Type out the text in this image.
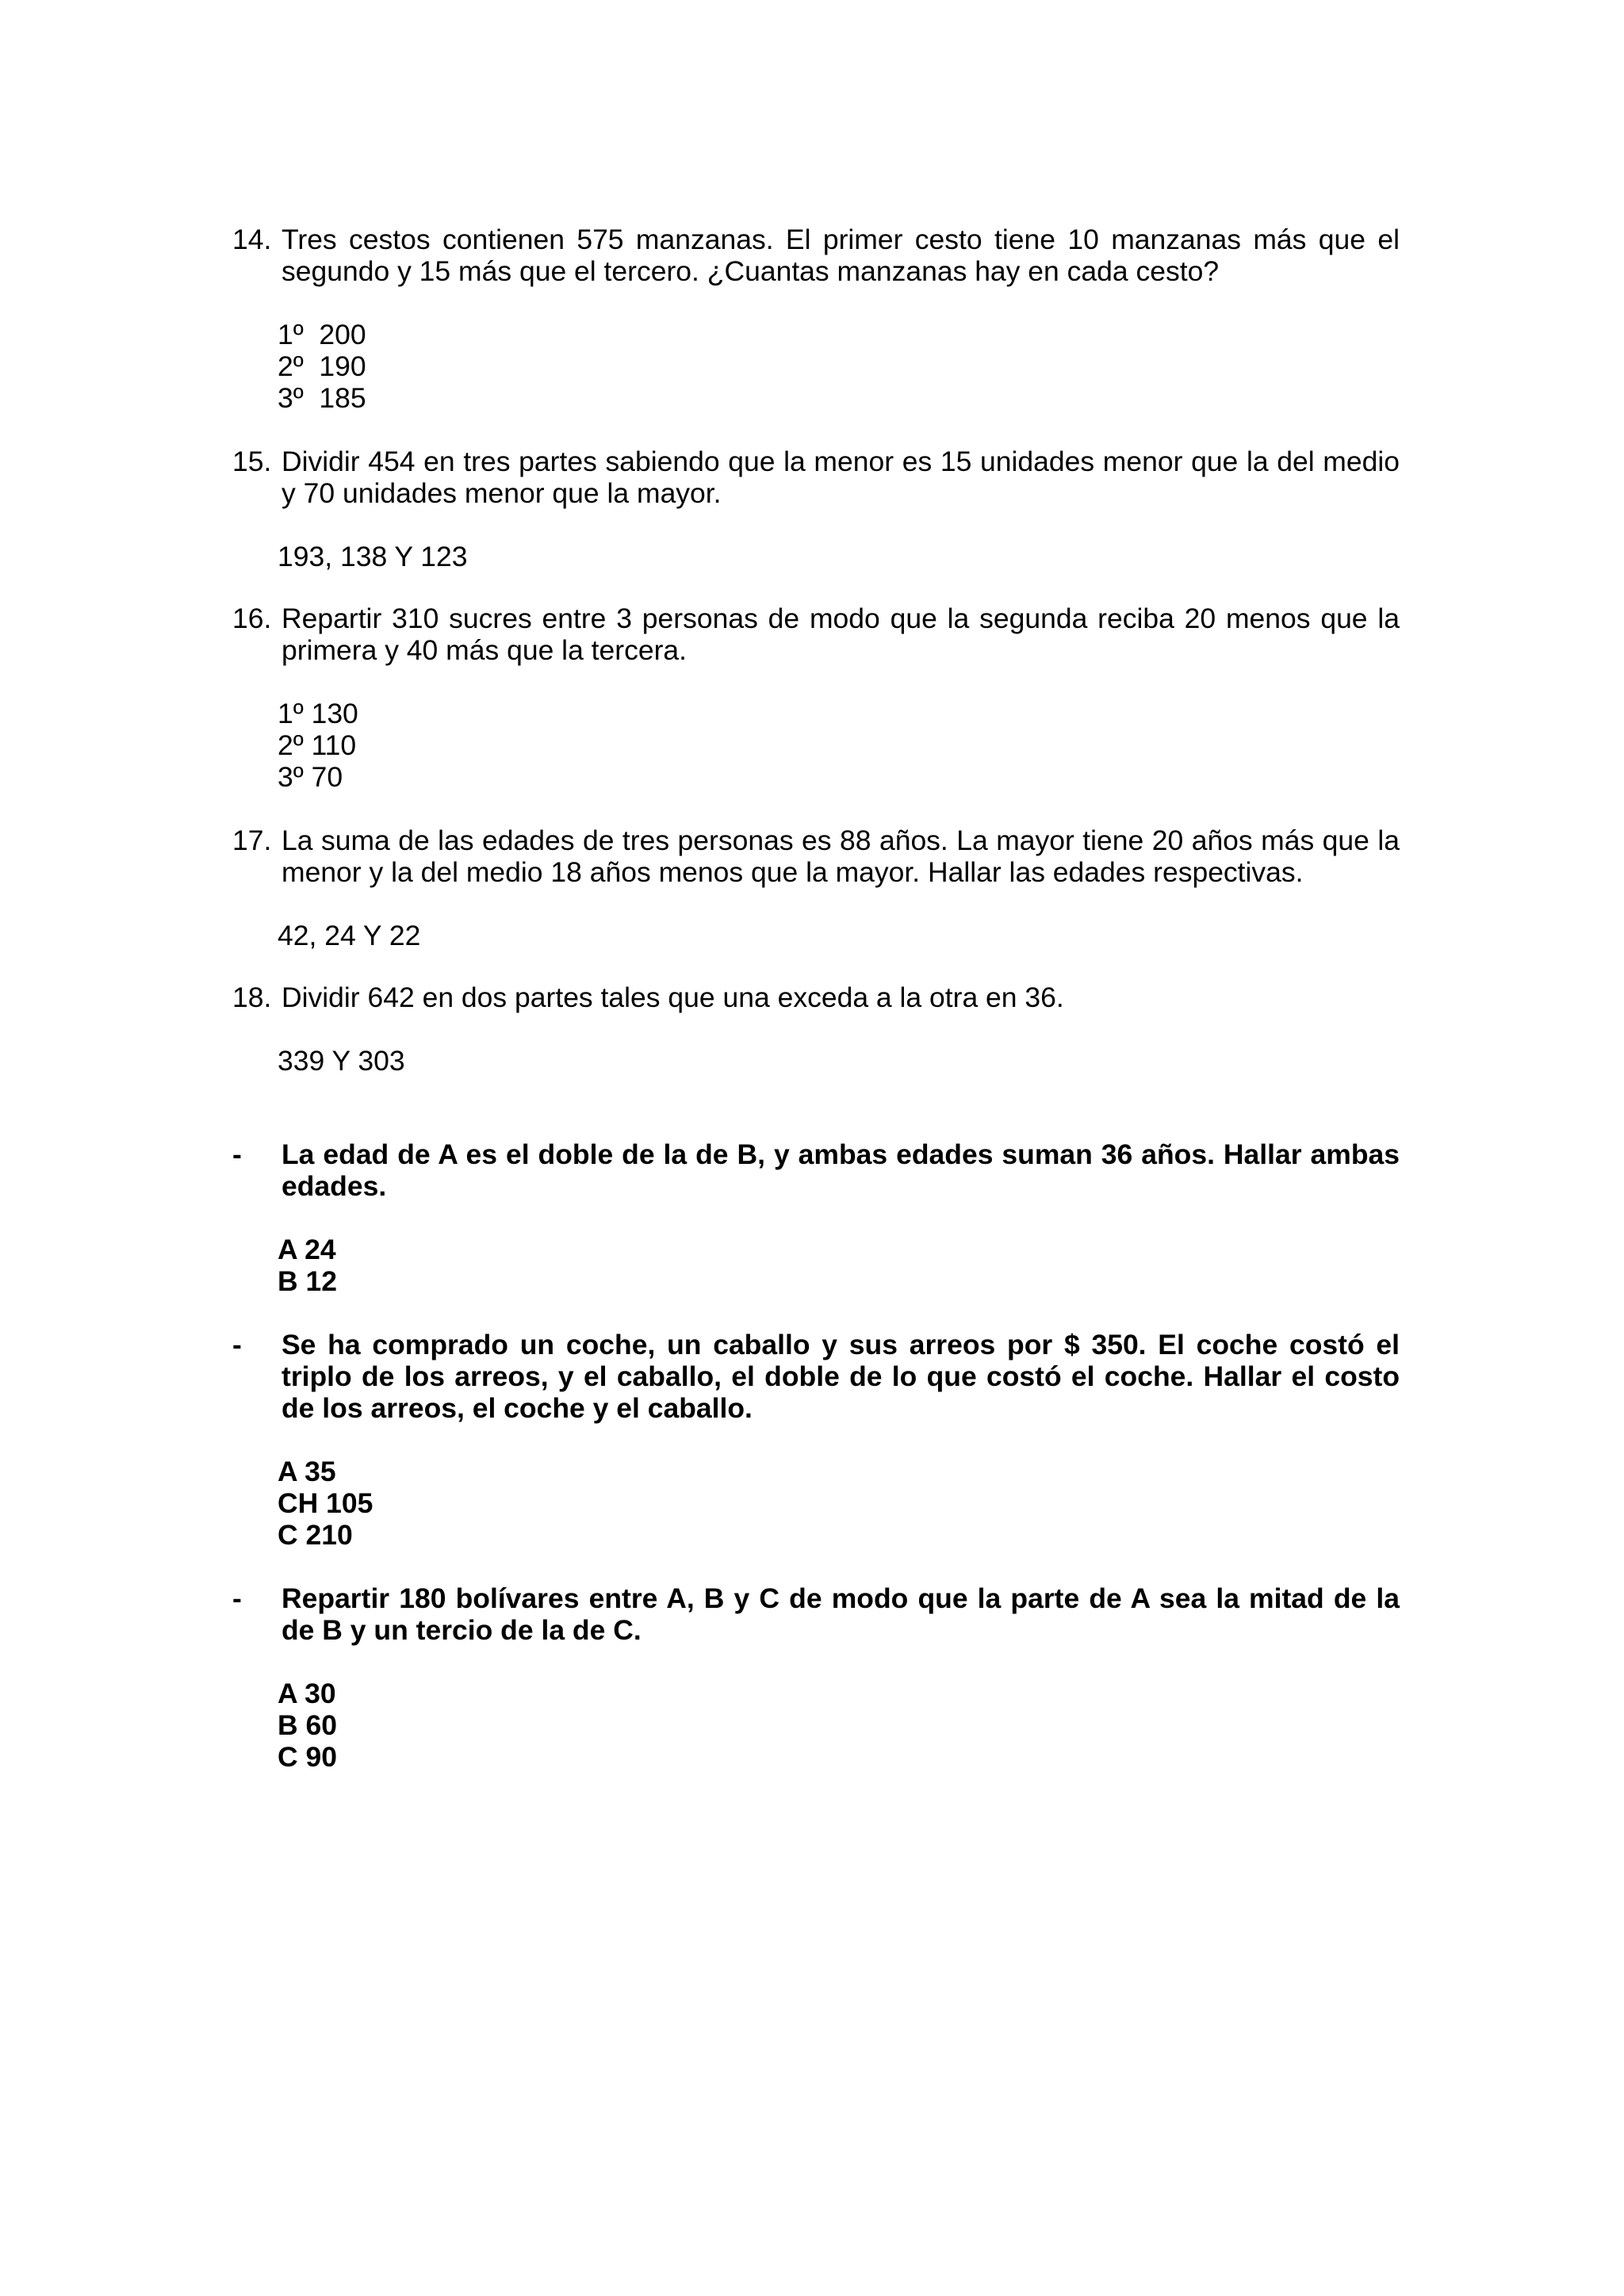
14. Tres cestos contienen 575 manzanas. El primer cesto tiene 10 manzanas más que el segundo y 15 más que el tercero. ¿Cuantas manzanas hay en cada cesto?
1º  200
2º  190
3º  185
15. Dividir 454 en tres partes sabiendo que la menor es 15 unidades menor que la del medio y 70 unidades menor que la mayor.
193, 138 Y 123
16. Repartir 310 sucres entre 3 personas de modo que la segunda reciba 20 menos que la primera y 40 más que la tercera.
1º 130
2º 110
3º 70
17. La suma de las edades de tres personas es 88 años. La mayor tiene 20 años más que la menor y la del medio 18 años menos que la mayor. Hallar las edades respectivas.
42, 24 Y 22
18. Dividir 642 en dos partes tales que una exceda a la otra en 36.
339 Y 303
- La edad de A es el doble de la de B, y ambas edades suman 36 años. Hallar ambas edades.
A 24
B 12
- Se ha comprado un coche, un caballo y sus arreos por $ 350. El coche costó el triplo de los arreos, y el caballo, el doble de lo que costó el coche. Hallar el costo de los arreos, el coche y el caballo.
A 35
CH 105
C 210
- Repartir 180 bolívares entre A, B y C de modo que la parte de A sea la mitad de la de B y un tercio de la de C.
A 30
B 60
C 90
